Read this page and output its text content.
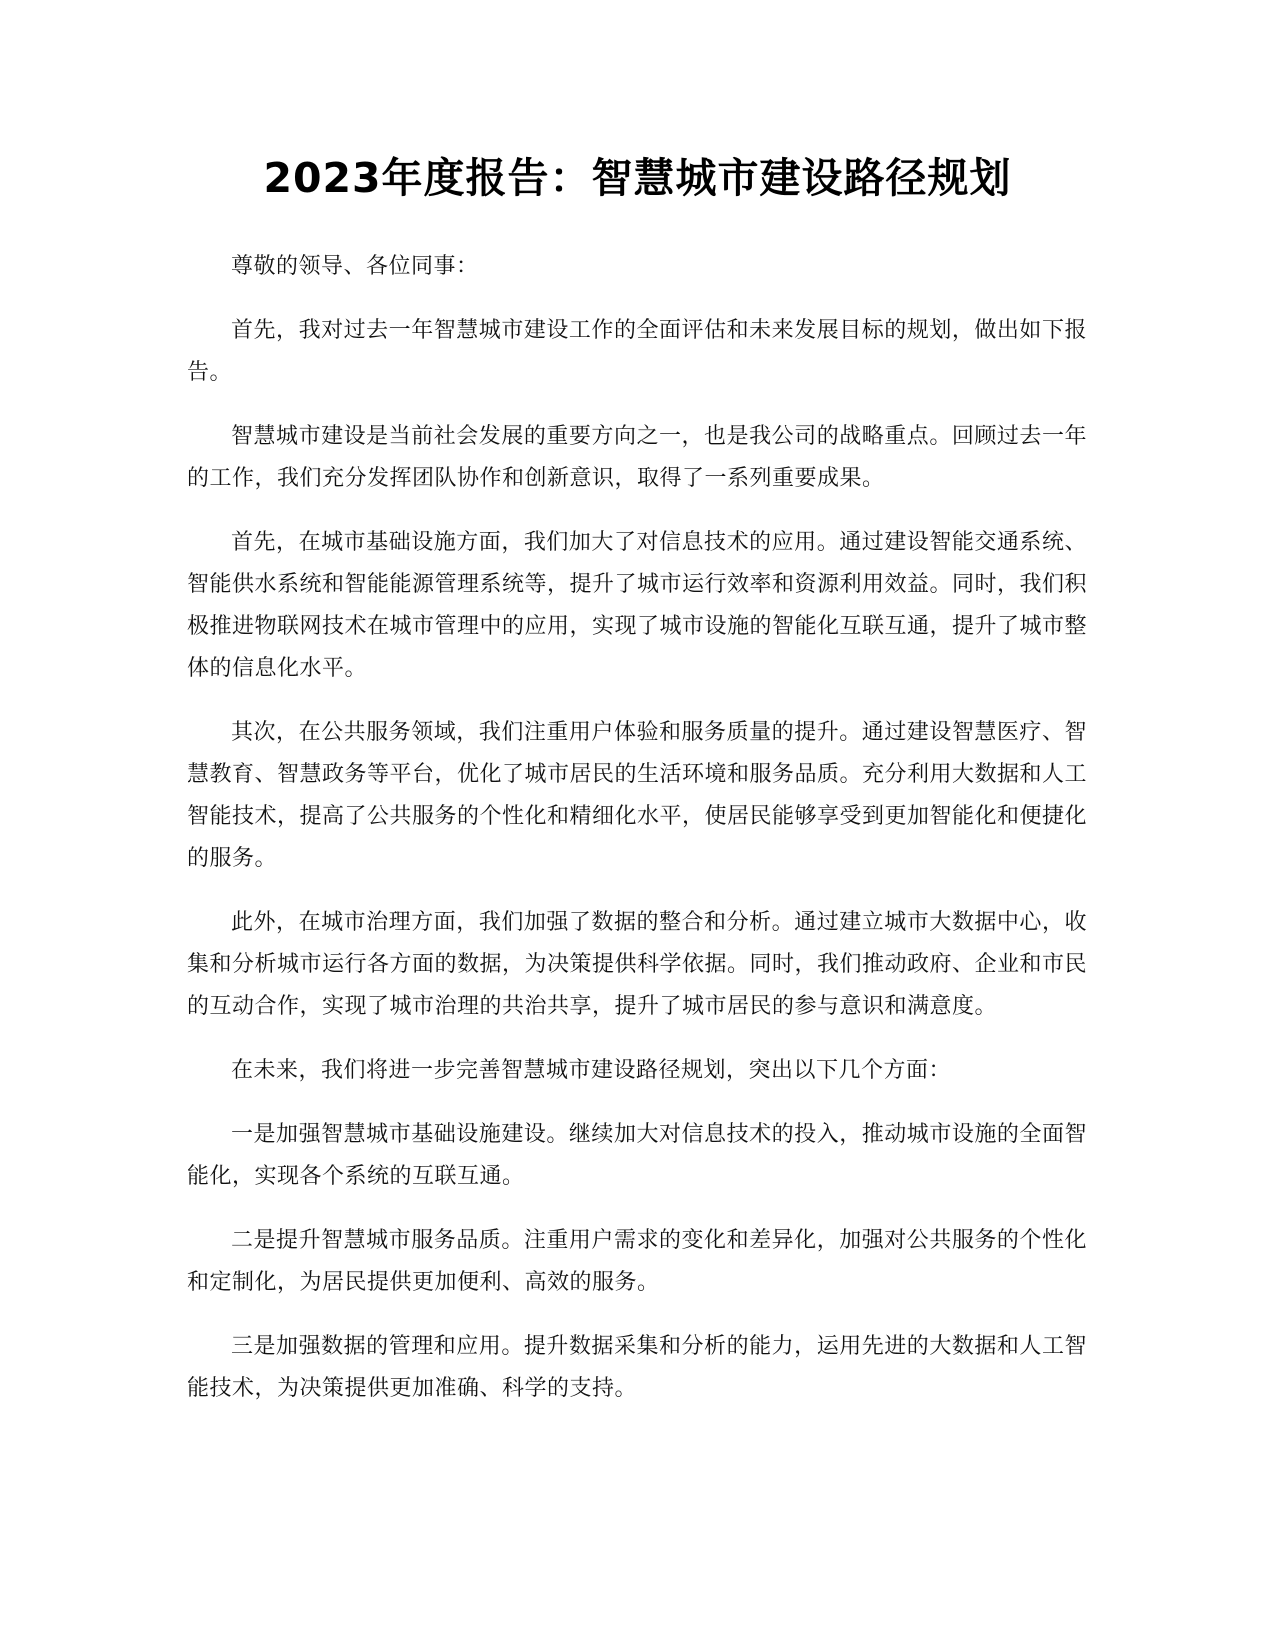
2023年度报告：智慧城市建设路径规划

尊敬的领导、各位同事：

首先，我对过去一年智慧城市建设工作的全面评估和未来发展目标的规划，做出如下报告。

智慧城市建设是当前社会发展的重要方向之一，也是我公司的战略重点。回顾过去一年的工作，我们充分发挥团队协作和创新意识，取得了一系列重要成果。

首先，在城市基础设施方面，我们加大了对信息技术的应用。通过建设智能交通系统、智能供水系统和智能能源管理系统等，提升了城市运行效率和资源利用效益。同时，我们积极推进物联网技术在城市管理中的应用，实现了城市设施的智能化互联互通，提升了城市整体的信息化水平。

其次，在公共服务领域，我们注重用户体验和服务质量的提升。通过建设智慧医疗、智慧教育、智慧政务等平台，优化了城市居民的生活环境和服务品质。充分利用大数据和人工智能技术，提高了公共服务的个性化和精细化水平，使居民能够享受到更加智能化和便捷化的服务。

此外，在城市治理方面，我们加强了数据的整合和分析。通过建立城市大数据中心，收集和分析城市运行各方面的数据，为决策提供科学依据。同时，我们推动政府、企业和市民的互动合作，实现了城市治理的共治共享，提升了城市居民的参与意识和满意度。

在未来，我们将进一步完善智慧城市建设路径规划，突出以下几个方面：

一是加强智慧城市基础设施建设。继续加大对信息技术的投入，推动城市设施的全面智能化，实现各个系统的互联互通。

二是提升智慧城市服务品质。注重用户需求的变化和差异化，加强对公共服务的个性化和定制化，为居民提供更加便利、高效的服务。

三是加强数据的管理和应用。提升数据采集和分析的能力，运用先进的大数据和人工智能技术，为决策提供更加准确、科学的支持。
